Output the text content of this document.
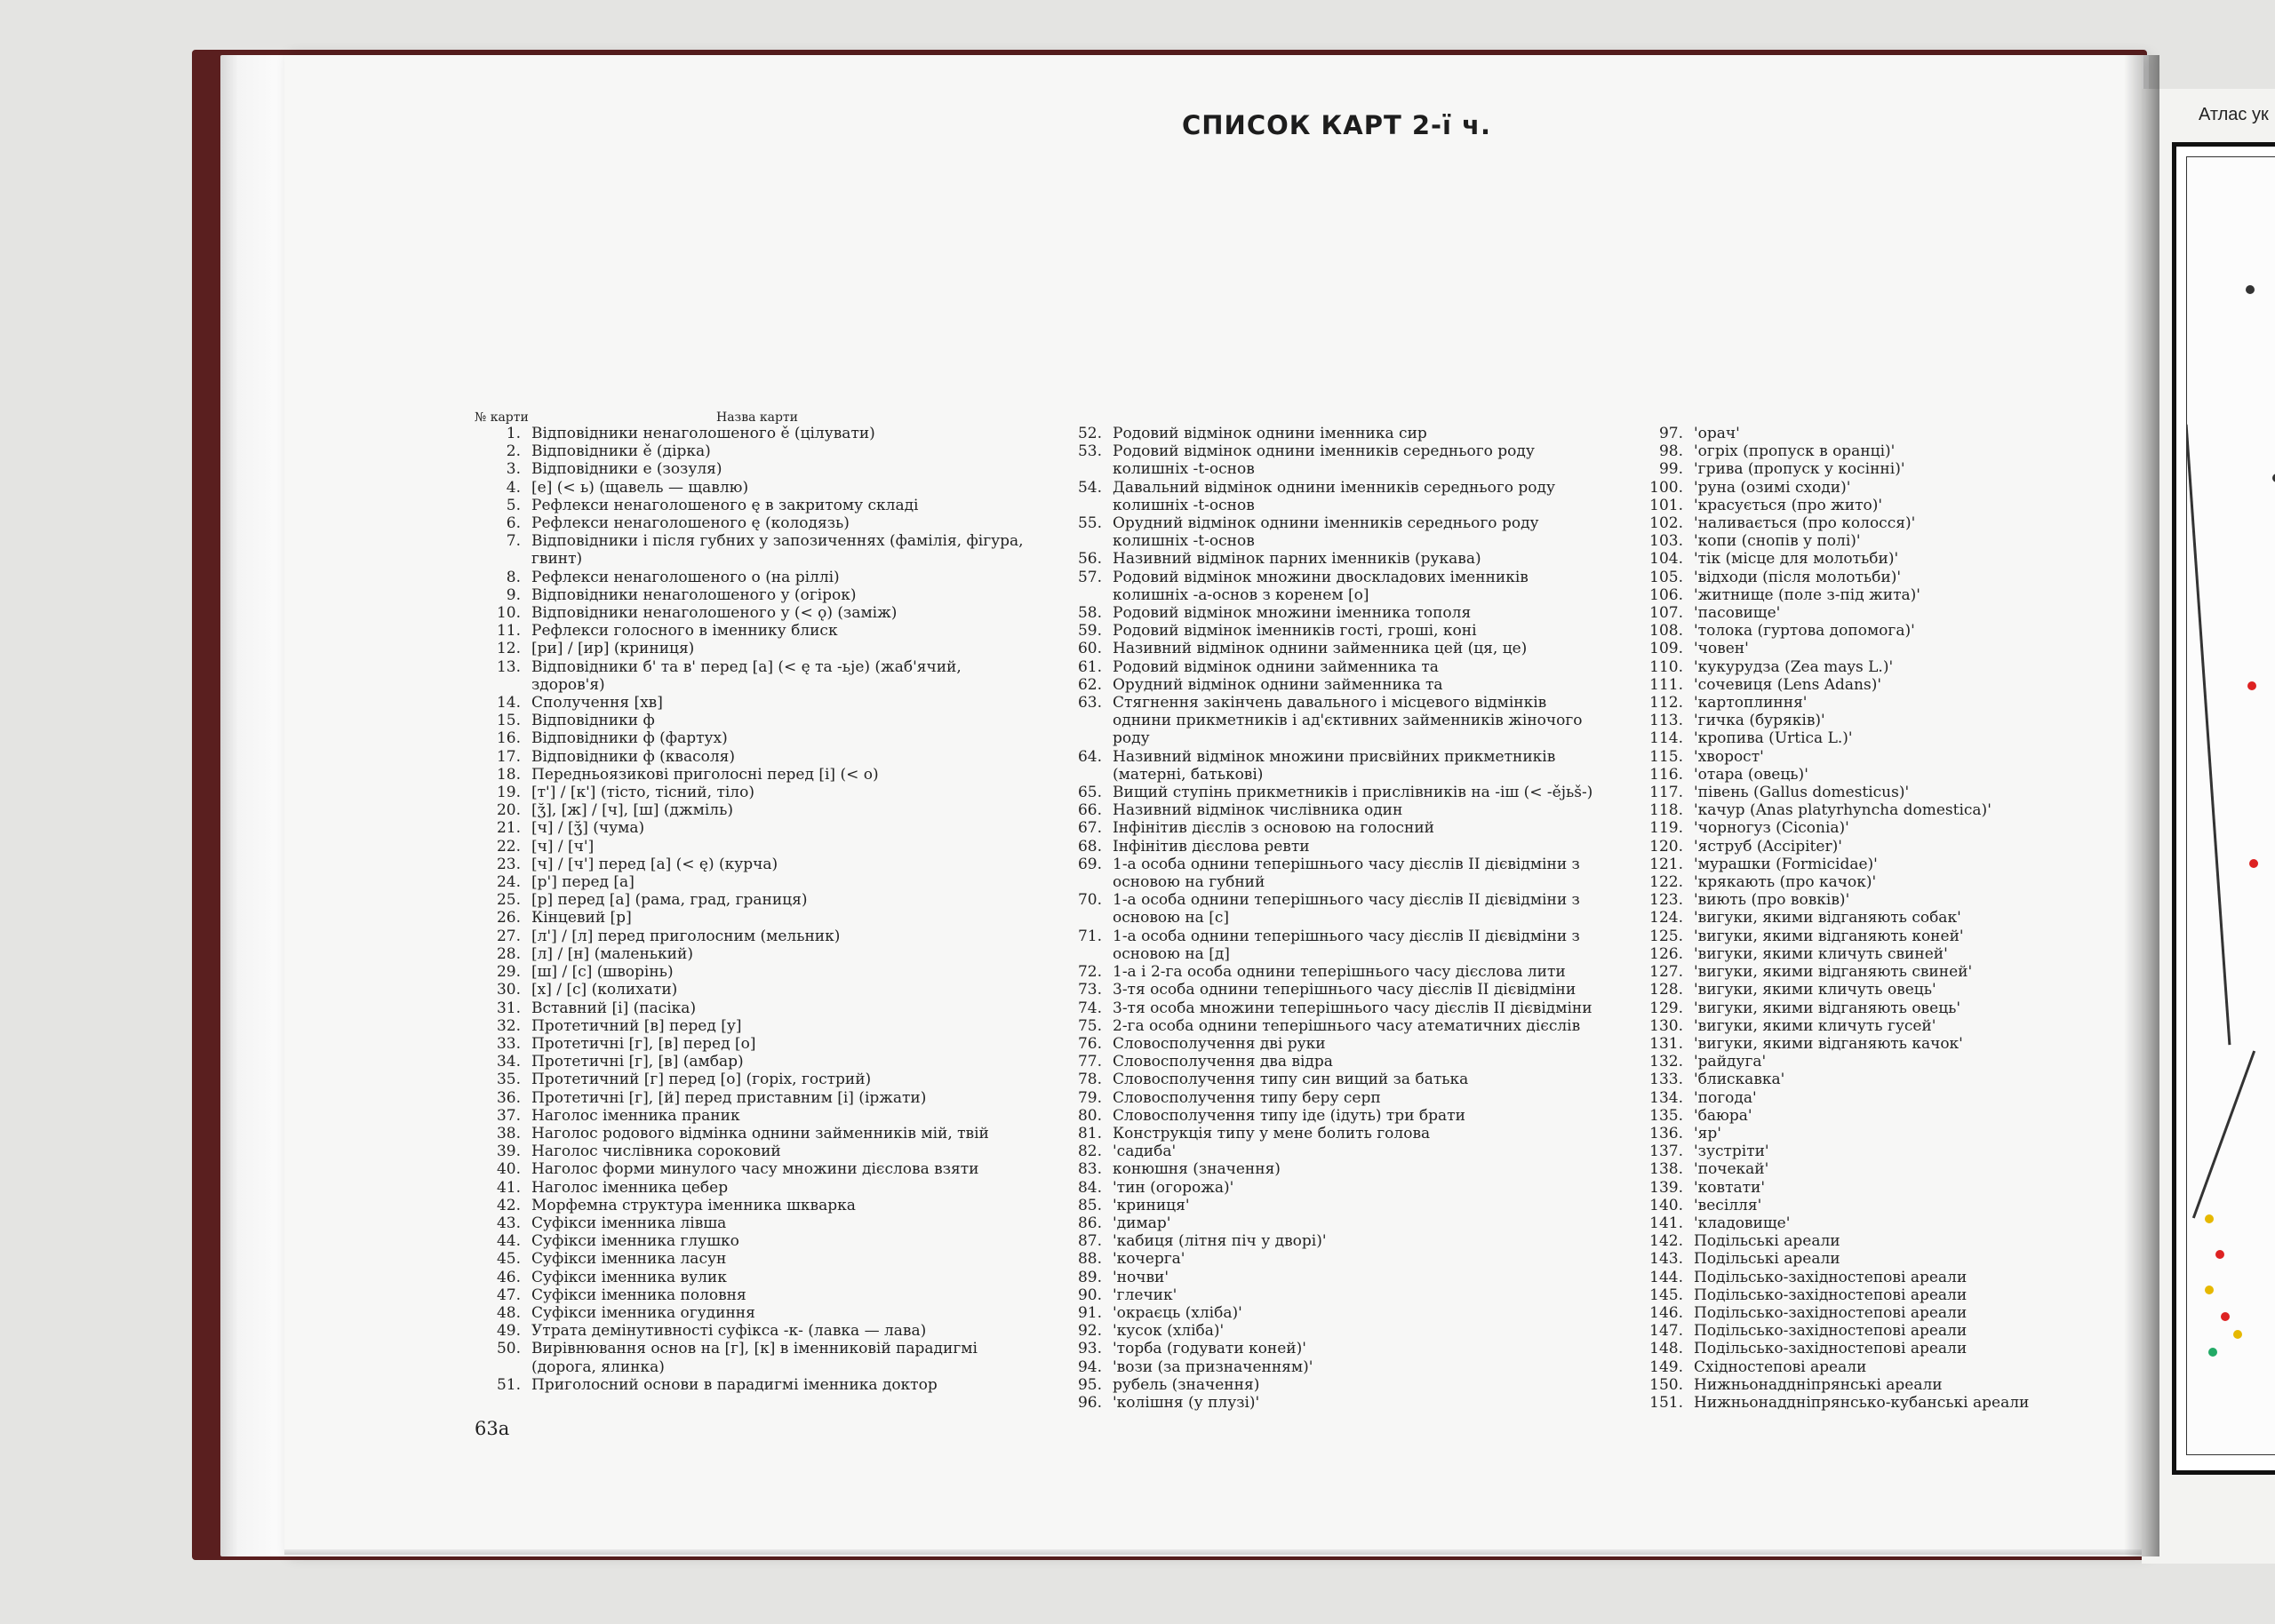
Атлас ук
СПИСОК КАРТ 2-ї ч.
№ карти	Назва карти
1. Відповідники ненаголошеного ě (цілувати)
2. Відповідники ě (дірка)
3. Відповідники е (зозуля)
4. [е] (< ь) (щавель — щавлю)
5. Рефлекси ненаголошеного ę в закритому складі
6. Рефлекси ненаголошеного ę (колодязь)
7. Відповідники і після губних у запозиченнях (фамілія, фігура, гвинт)
8. Рефлекси ненаголошеного о (на ріллі)
9. Відповідники ненаголошеного у (огірок)
10. Відповідники ненаголошеного у (< ǫ) (заміж)
11. Рефлекси голосного в іменнику блиск
12. [ри] / [ир] (криниця)
13. Відповідники б' та в' перед [а] (< ę та -ьje) (жаб'ячий, здоров'я)
14. Сполучення [хв]
15. Відповідники ф
16. Відповідники ф (фартух)
17. Відповідники ф (квасоля)
18. Передньоязикові приголосні перед [і] (< о)
19. [т'] / [к'] (тісто, тісний, тіло)
20. [ʒ̆], [ж] / [ч], [ш] (джміль)
21. [ч] / [ʒ̆] (чума)
22. [ч] / [ч']
23. [ч] / [ч'] перед [а] (< ę) (курча)
24. [р'] перед [а]
25. [р] перед [а] (рама, град, границя)
26. Кінцевий [р]
27. [л'] / [л] перед приголосним (мельник)
28. [л] / [н] (маленький)
29. [ш] / [с] (шворінь)
30. [х] / [с] (колихати)
31. Вставний [і] (пасіка)
32. Протетичний [в] перед [у]
33. Протетичні [г], [в] перед [о]
34. Протетичні [г], [в] (амбар)
35. Протетичний [г] перед [о] (горіх, гострий)
36. Протетичні [г], [й] перед приставним [і] (іржати)
37. Наголос іменника праник
38. Наголос родового відмінка однини займенників мій, твій
39. Наголос числівника сороковий
40. Наголос форми минулого часу множини дієслова взяти
41. Наголос іменника цебер
42. Морфемна структура іменника шкварка
43. Суфікси іменника лівша
44. Суфікси іменника глушко
45. Суфікси іменника ласун
46. Суфікси іменника вулик
47. Суфікси іменника половня
48. Суфікси іменника огудиння
49. Утрата демінутивності суфікса -к- (лавка — лава)
50. Вирівнювання основ на [г], [к] в іменниковій парадигмі (дорога, ялинка)
51. Приголосний основи в парадигмі іменника доктор
52. Родовий відмінок однини іменника сир
53. Родовий відмінок однини іменників середнього роду колишніх -t-основ
54. Давальний відмінок однини іменників середнього роду колишніх -t-основ
55. Орудний відмінок однини іменників середнього роду колишніх -t-основ
56. Називний відмінок парних іменників (рукава)
57. Родовий відмінок множини двоскладових іменників колишніх -а-основ з коренем [о]
58. Родовий відмінок множини іменника тополя
59. Родовий відмінок іменників гості, гроші, коні
60. Називний відмінок однини займенника цей (ця, це)
61. Родовий відмінок однини займенника та
62. Орудний відмінок однини займенника та
63. Стягнення закінчень давального і місцевого відмінків однини прикметників і ад'єктивних займенників жіночого роду
64. Називний відмінок множини присвійних прикметників (матерні, батькові)
65. Вищий ступінь прикметників і прислівників на -іш (< -ějьš-)
66. Називний відмінок числівника один
67. Інфінітив дієслів з основою на голосний
68. Інфінітив дієслова ревти
69. 1-а особа однини теперішнього часу дієслів II дієвідміни з основою на губний
70. 1-а особа однини теперішнього часу дієслів II дієвідміни з основою на [с]
71. 1-а особа однини теперішнього часу дієслів II дієвідміни з основою на [д]
72. 1-а і 2-га особа однини теперішнього часу дієслова лити
73. 3-тя особа однини теперішнього часу дієслів II дієвідміни
74. 3-тя особа множини теперішнього часу дієслів II дієвідміни
75. 2-га особа однини теперішнього часу атематичних дієслів
76. Словосполучення дві руки
77. Словосполучення два відра
78. Словосполучення типу син вищий за батька
79. Словосполучення типу беру серп
80. Словосполучення типу іде (ідуть) три брати
81. Конструкція типу у мене болить голова
82. 'садиба'
83. конюшня (значення)
84. 'тин (огорожа)'
85. 'криниця'
86. 'димар'
87. 'кабиця (літня піч у дворі)'
88. 'кочерга'
89. 'ночви'
90. 'глечик'
91. 'окраєць (хліба)'
92. 'кусок (хліба)'
93. 'торба (годувати коней)'
94. 'вози (за призначенням)'
95. рубель (значення)
96. 'колішня (у плузі)'
97. 'орач'
98. 'огріх (пропуск в оранці)'
99. 'грива (пропуск у косінні)'
100. 'руна (озимі сходи)'
101. 'красується (про жито)'
102. 'наливається (про колосся)'
103. 'копи (снопів у полі)'
104. 'тік (місце для молотьби)'
105. 'відходи (після молотьби)'
106. 'житнище (поле з-під жита)'
107. 'пасовище'
108. 'толока (гуртова допомога)'
109. 'човен'
110. 'кукурудза (Zea mays L.)'
111. 'сочевиця (Lens Adans)'
112. 'картоплиння'
113. 'гичка (буряків)'
114. 'кропива (Urtica L.)'
115. 'хворост'
116. 'отара (овець)'
117. 'півень (Gallus domesticus)'
118. 'качур (Anas platyrhyncha domestica)'
119. 'чорногуз (Ciconia)'
120. 'яструб (Accipiter)'
121. 'мурашки (Formicidae)'
122. 'крякають (про качок)'
123. 'виють (про вовків)'
124. 'вигуки, якими відганяють собак'
125. 'вигуки, якими відганяють коней'
126. 'вигуки, якими кличуть свиней'
127. 'вигуки, якими відганяють свиней'
128. 'вигуки, якими кличуть овець'
129. 'вигуки, якими відганяють овець'
130. 'вигуки, якими кличуть гусей'
131. 'вигуки, якими відганяють качок'
132. 'райдуга'
133. 'блискавка'
134. 'погода'
135. 'баюра'
136. 'яр'
137. 'зустріти'
138. 'почекай'
139. 'ковтати'
140. 'весілля'
141. 'кладовище'
142. Подільські ареали
143. Подільські ареали
144. Подільсько-західностепові ареали
145. Подільсько-західностепові ареали
146. Подільсько-західностепові ареали
147. Подільсько-західностепові ареали
148. Подільсько-західностепові ареали
149. Східностепові ареали
150. Нижньонаддніпрянські ареали
151. Нижньонаддніпрянсько-кубанські ареали
63а
